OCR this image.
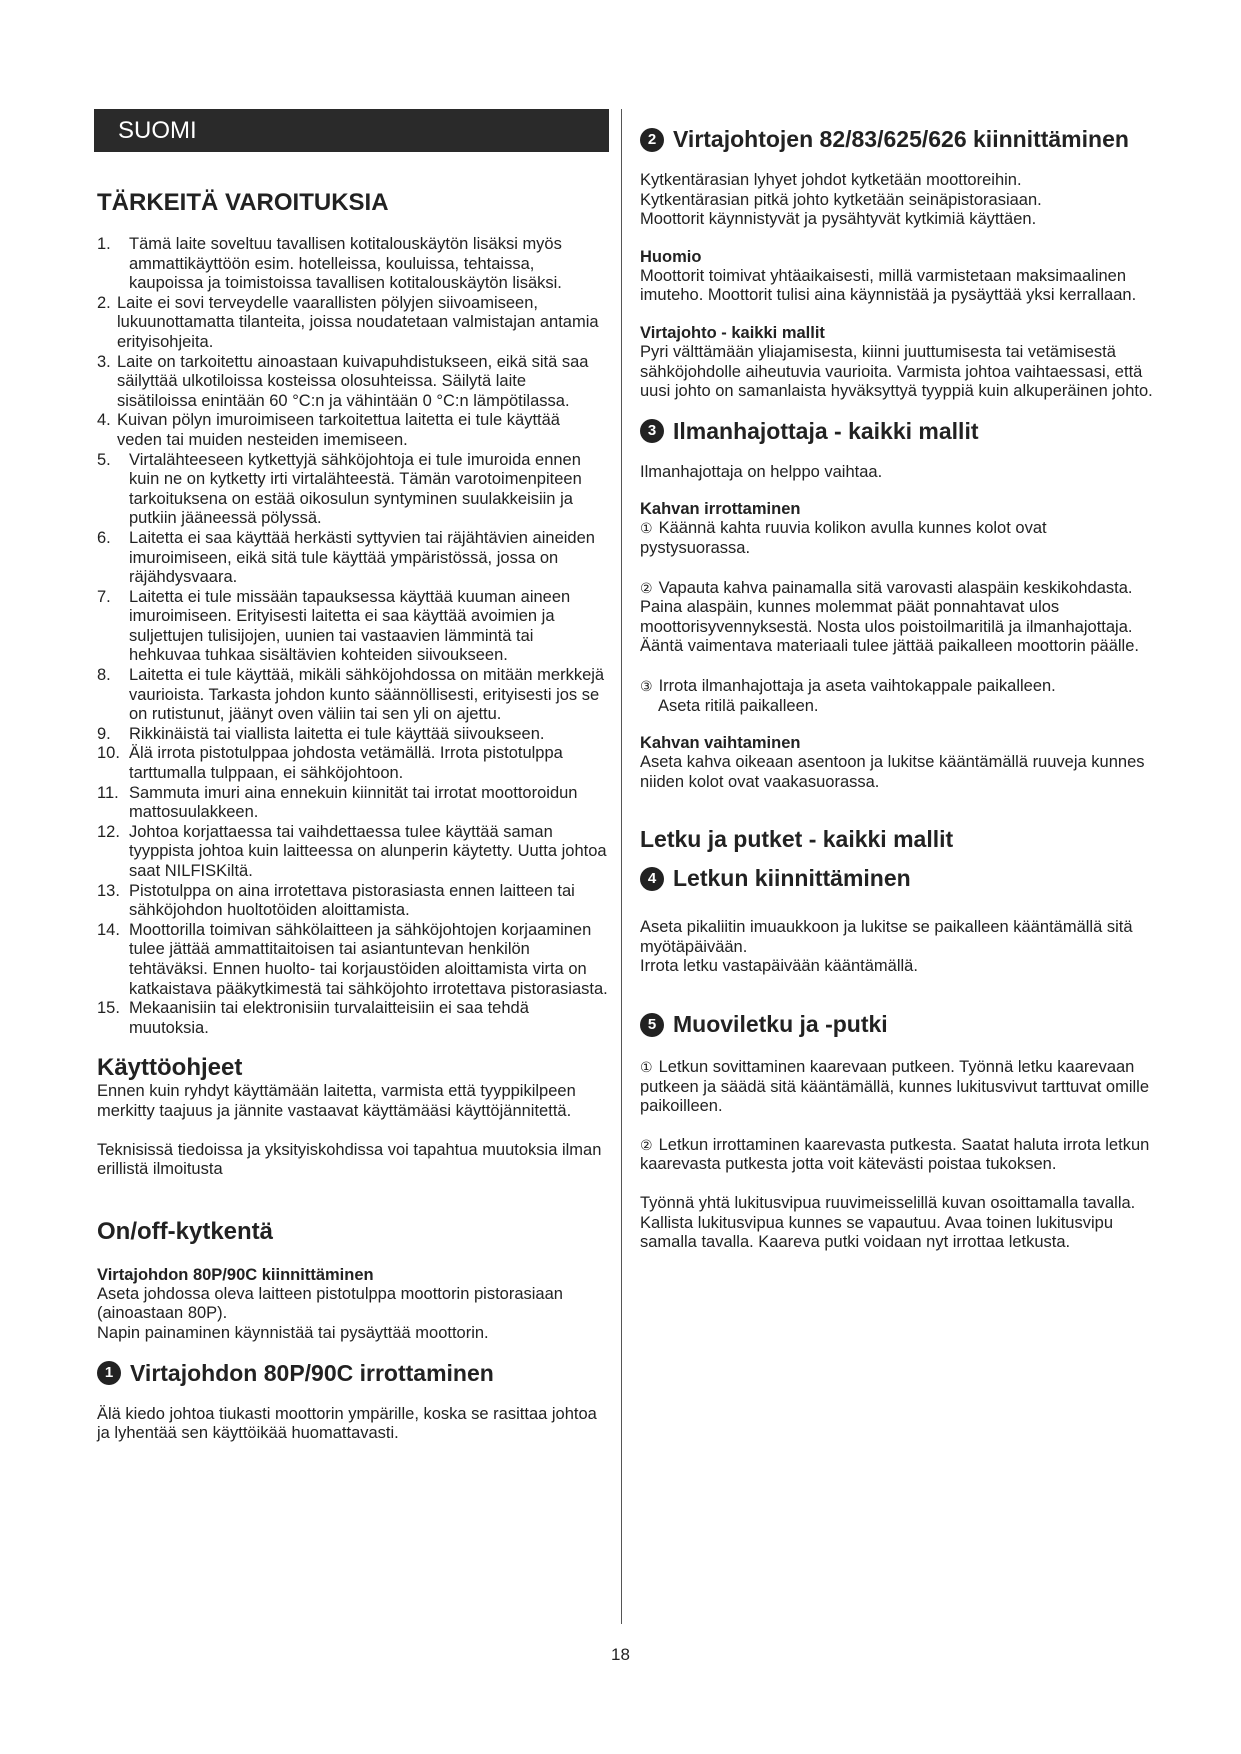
SUOMI
TÄRKEITÄ VAROITUKSIA
1.	Tämä laite soveltuu tavallisen kotitalouskäytön lisäksi myös ammattikäyttöön esim. hotelleissa, kouluissa, tehtaissa, kaupoissa ja toimistoissa tavallisen kotitalouskäytön lisäksi.
2. Laite ei sovi terveydelle vaarallisten pölyjen siivoamiseen, lukuunottamatta tilanteita, joissa noudatetaan valmistajan antamia erityisohjeita.
3. Laite on tarkoitettu ainoastaan kuivapuhdistukseen, eikä sitä saa säilyttää ulkotiloissa kosteissa olosuhteissa. Säilytä laite sisätiloissa enintään 60 °C:n ja vähintään 0 °C:n lämpötilassa.
4. Kuivan pölyn imuroimiseen tarkoitettua laitetta ei tule käyttää veden tai muiden nesteiden imemiseen.
5.	Virtalähteeseen kytkettyjä sähköjohtoja ei tule imuroida ennen kuin ne on kytketty irti virtalähteestä. Tämän varotoimenpiteen tarkoituksena on estää oikosulun syntyminen suulakkeisiin ja putkiin jääneessä pölyssä.
6.	Laitetta ei saa käyttää herkästi syttyvien tai räjähtävien aineiden imuroimiseen, eikä sitä tule käyttää ympäristössä, jossa on räjähdysvaara.
7.	Laitetta ei tule missään tapauksessa käyttää kuuman aineen imuroimiseen. Erityisesti laitetta ei saa käyttää avoimien ja suljettujen tulisijojen, uunien tai vastaavien lämmintä tai hehkuvaa tuhkaa sisältävien kohteiden siivoukseen.
8.	Laitetta ei tule käyttää, mikäli sähköjohdossa on mitään merkkejä vaurioista. Tarkasta johdon kunto säännöllisesti, erityisesti jos se on rutistunut, jäänyt oven väliin tai sen yli on ajettu.
9.	Rikkinäistä tai viallista laitetta ei tule käyttää siivoukseen.
10. Älä irrota pistotulppaa johdosta vetämällä. Irrota pistotulppa tarttumalla tulppaan, ei sähköjohtoon.
11. Sammuta imuri aina ennekuin kiinnität tai irrotat moottoroidun mattosuulakkeen.
12. Johtoa korjattaessa tai vaihdettaessa tulee käyttää saman tyyppista johtoa kuin laitteessa on alunperin käytetty. Uutta johtoa saat NILFISKiltä.
13. Pistotulppa on aina irrotettava pistorasiasta ennen laitteen tai sähköjohdon huoltotöiden aloittamista.
14. Moottorilla toimivan sähkölaitteen ja sähköjohtojen korjaaminen tulee jättää ammattitaitoisen tai asiantuntevan henkilön tehtäväksi. Ennen huolto- tai korjaustöiden aloittamista virta on katkaistava pääkytkimestä tai sähköjohto irrotettava pistorasiasta.
15. Mekaanisiin tai elektronisiin turvalaitteisiin ei saa tehdä muutoksia.
Käyttöohjeet

Ennen kuin ryhdyt käyttämään laitetta, varmista että tyyppikilpeen merkitty taajuus ja jännite vastaavat käyttämääsi käyttöjännitettä.

Teknisissä tiedoissa ja yksityiskohdissa voi tapahtua muutoksia ilman erillistä ilmoitusta

On/off-kytkentä
Virtajohdon 80P/90C kiinnittäminen

Aseta johdossa oleva laitteen pistotulppa moottorin pistorasiaan (ainoastaan 80P).

Napin painaminen käynnistää tai pysäyttää moottorin.

1 Virtajohdon 80P/90C irrottaminen

Älä kiedo johtoa tiukasti moottorin ympärille, koska se rasittaa johtoa ja lyhentää sen käyttöikää huomattavasti.

2 Virtajohtojen 82/83/625/626 kiinnittäminen

Kytkentärasian lyhyet johdot kytketään moottoreihin.

Kytkentärasian pitkä johto kytketään seinäpistorasiaan.

Moottorit käynnistyvät ja pysähtyvät kytkimiä käyttäen.

Huomio

Moottorit toimivat yhtäaikaisesti, millä varmistetaan maksimaalinen imuteho. Moottorit tulisi aina käynnistää ja pysäyttää yksi kerrallaan.

Virtajohto - kaikki mallit

Pyri välttämään yliajamisesta, kiinni juuttumisesta tai vetämisestä sähköjohdolle aiheutuvia vaurioita. Varmista johtoa vaihtaessasi, että uusi johto on samanlaista hyväksyttyä tyyppiä kuin alkuperäinen johto.

3 Ilmanhajottaja - kaikki mallit

Ilmanhajottaja on helppo vaihtaa.

Kahvan irrottaminen

① Käännä kahta ruuvia kolikon avulla kunnes kolot ovat pystysuorassa.

② Vapauta kahva painamalla sitä varovasti alaspäin keskikohdasta. Paina alaspäin, kunnes molemmat päät ponnahtavat ulos moottorisyvennyksestä. Nosta ulos poistoilmaritilä ja ilmanhajottaja. Ääntä vaimentava materiaali tulee jättää paikalleen moottorin päälle.

③ Irrota ilmanhajottaja ja aseta vaihtokappale paikalleen.

Aseta ritilä paikalleen.

Kahvan vaihtaminen

Aseta kahva oikeaan asentoon ja lukitse kääntämällä ruuveja kunnes niiden kolot ovat vaakasuorassa.

Letku ja putket - kaikki mallit
4 Letkun kiinnittäminen

Aseta pikaliitin imuaukkoon ja lukitse se paikalleen kääntämällä sitä myötäpäivään.

Irrota letku vastapäivään kääntämällä.

5 Muoviletku ja -putki

① Letkun sovittaminen kaarevaan putkeen. Työnnä letku kaarevaan putkeen ja säädä sitä kääntämällä, kunnes lukitusvivut tarttuvat omille paikoilleen.

② Letkun irrottaminen kaarevasta putkesta. Saatat haluta irrota letkun kaarevasta putkesta jotta voit kätevästi poistaa tukoksen.

Työnnä yhtä lukitusvipua ruuvimeisselillä kuvan osoittamalla tavalla. Kallista lukitusvipua kunnes se vapautuu. Avaa toinen lukitusvipu samalla tavalla. Kaareva putki voidaan nyt irrottaa letkusta.

18
